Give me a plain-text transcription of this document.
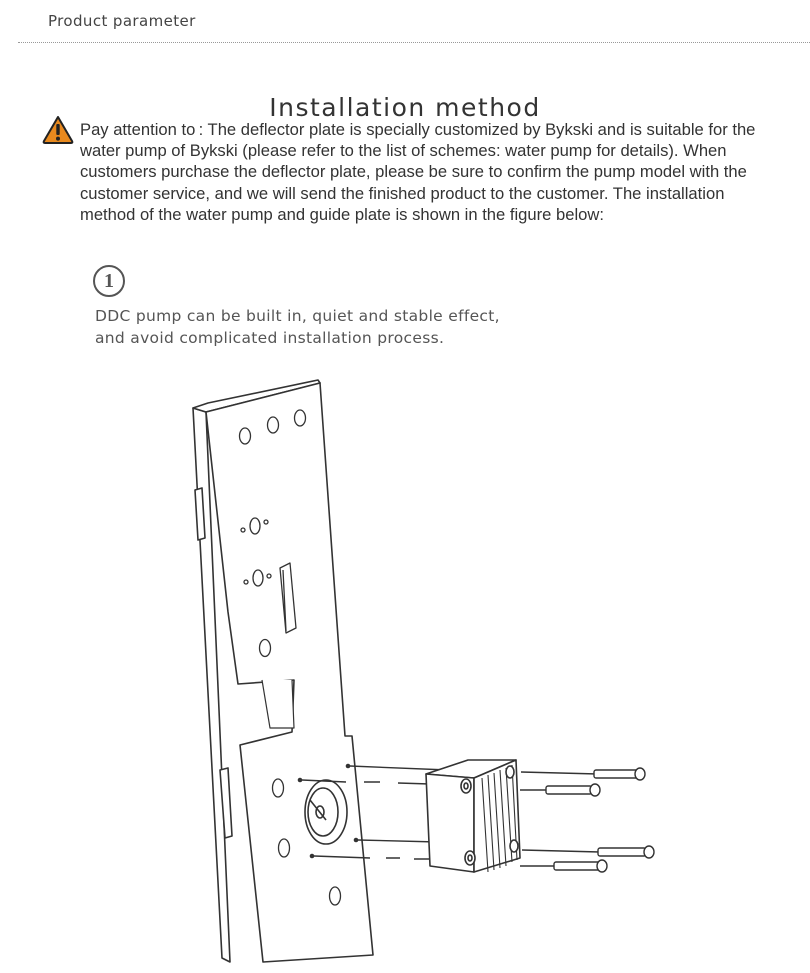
Product parameter
Installation method

Pay attention to : The deflector plate is specially customized by Bykski and is suitable for the water pump of Bykski (please refer to the list of schemes: water pump for details). When customers purchase the deflector plate, please be sure to confirm the pump model with the customer service, and we will send the finished product to the customer. The installation method of the water pump and guide plate is shown in the figure below:

1

DDC pump can be built in, quiet and stable effect,
and avoid complicated installation process.
